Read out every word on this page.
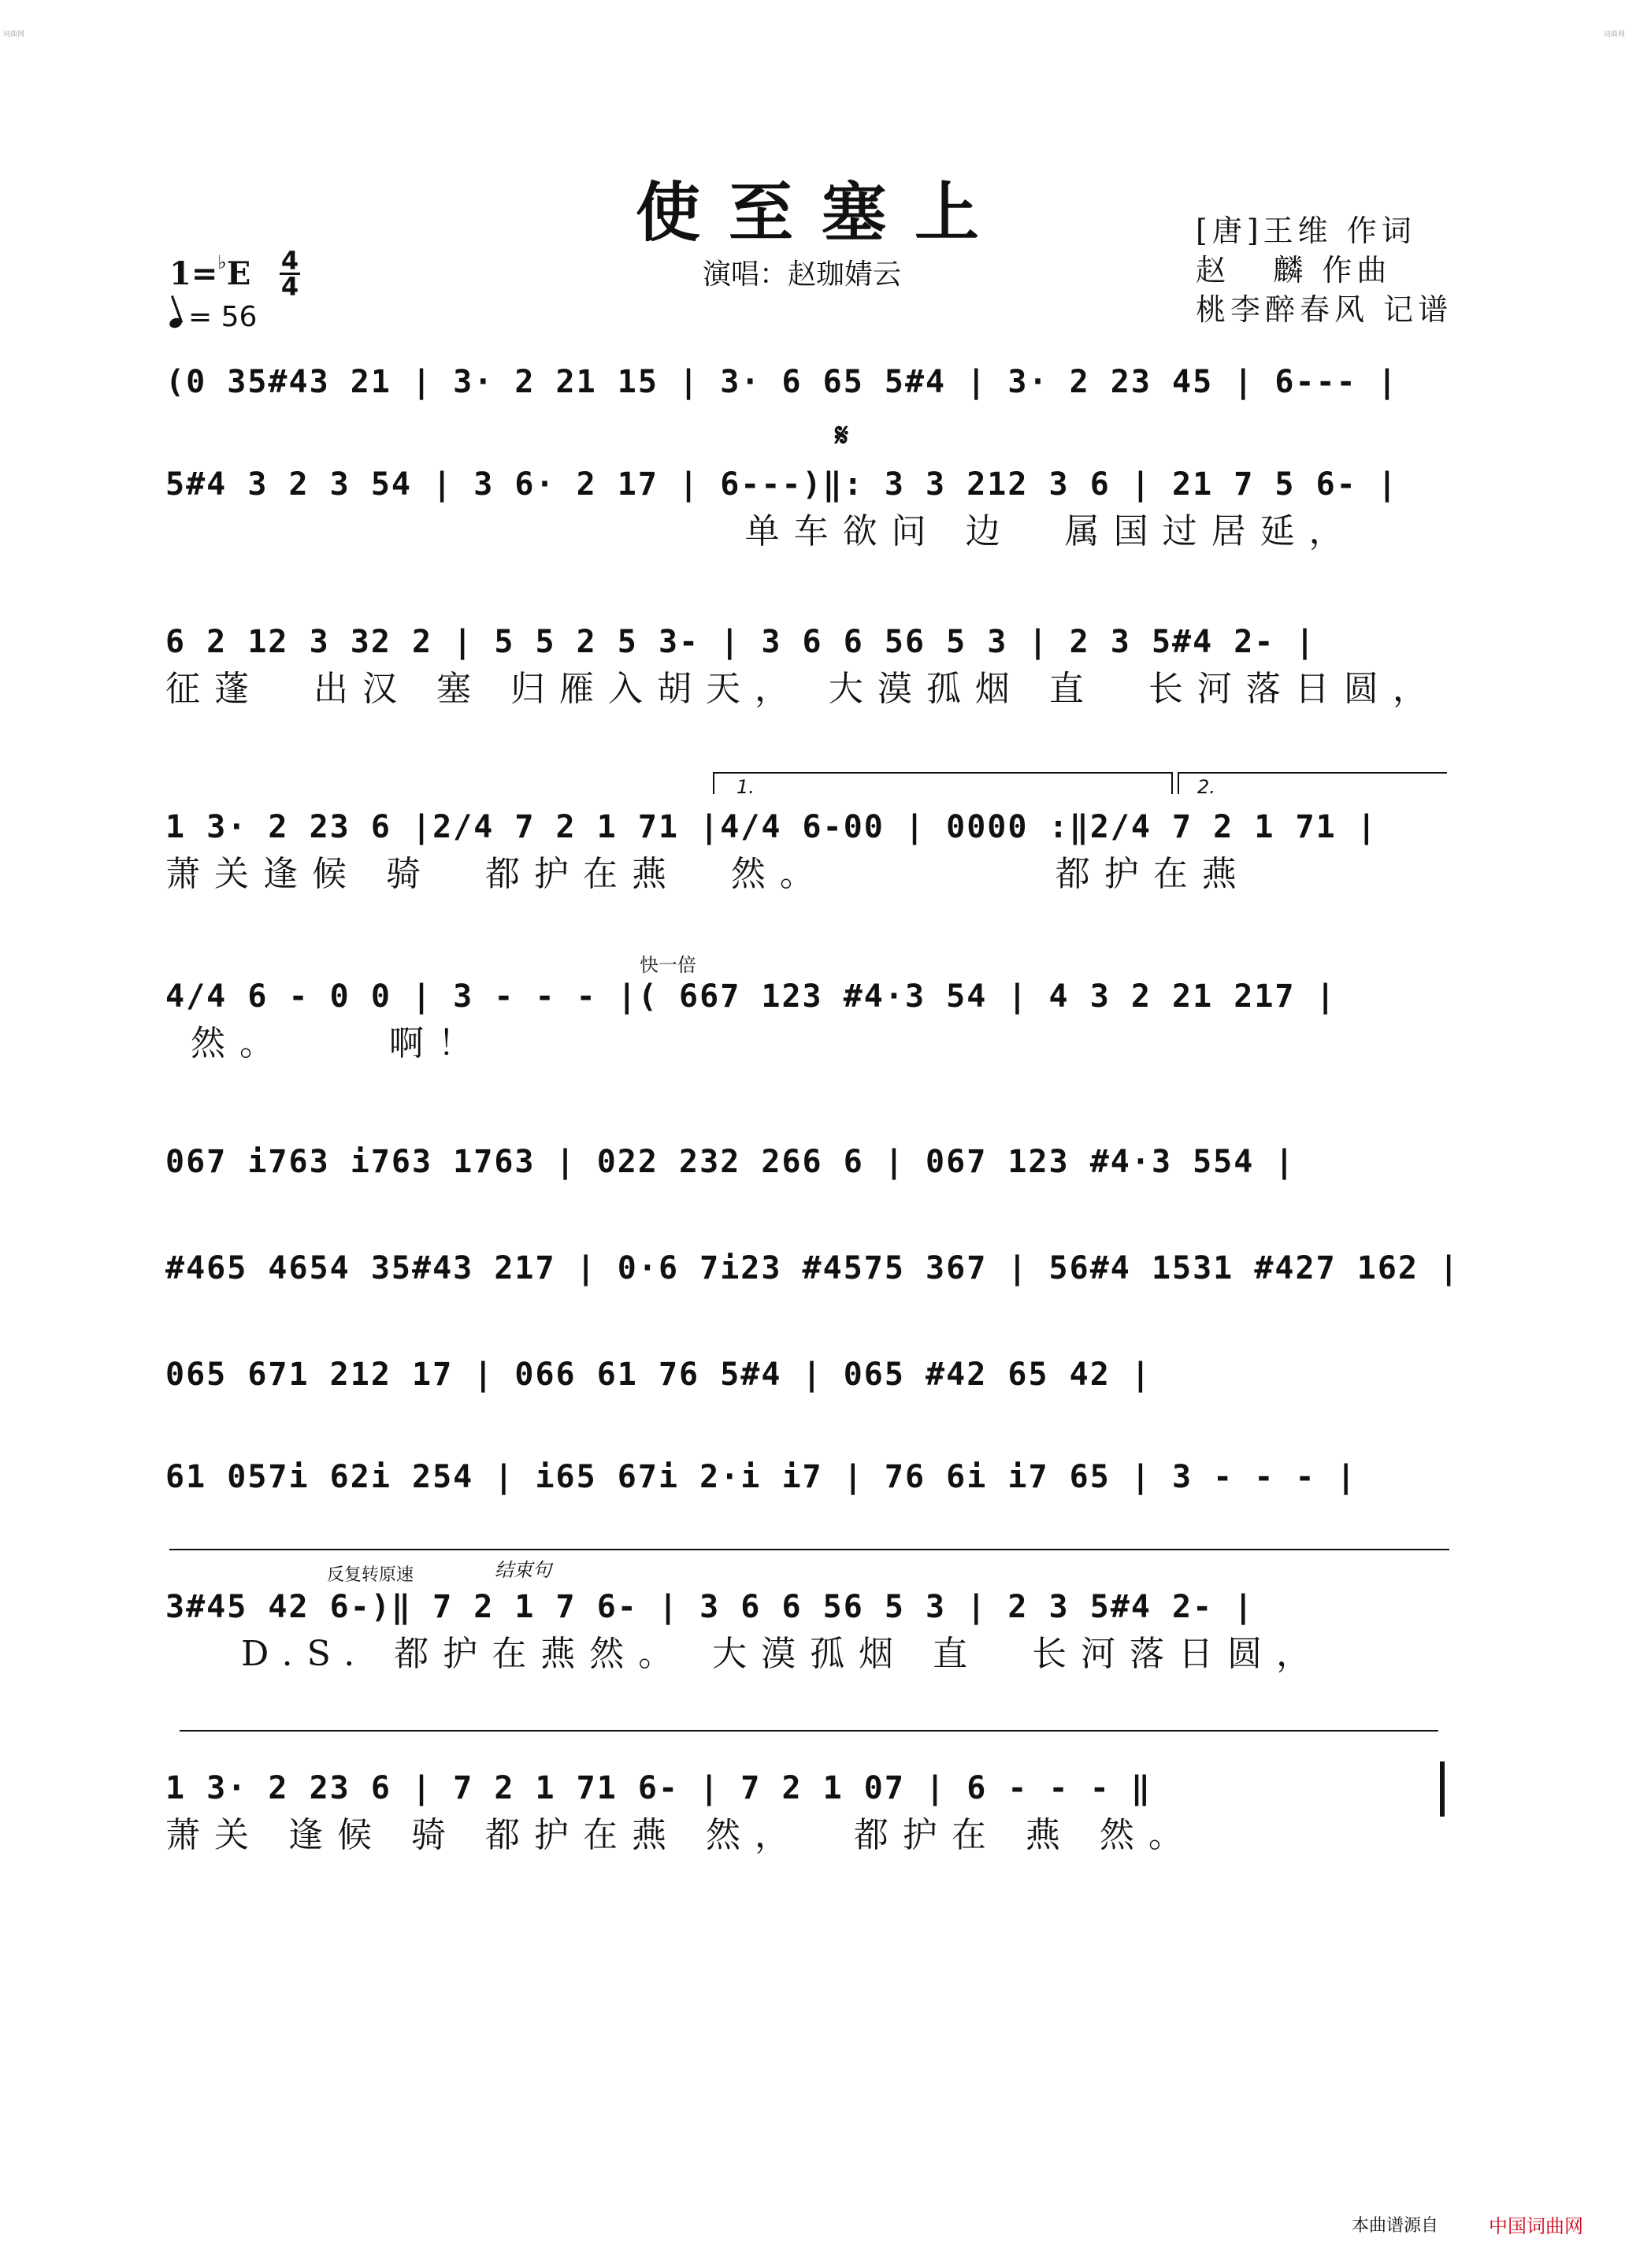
词曲网	词曲网
使至塞上
1=♭E 4
4
= 56
演唱：赵珈婧云
[唐]王维 作词
赵   麟 作曲
桃李醉春风 记谱
(0 35#43 21 | 3· 2 21 15 | 3· 6 65 5#4 | 3· 2 23 45 | 6--- |
𝄋
5#4 3 2 3 54 | 3 6· 2 17 | 6---)‖: 3 3 212 3 6 | 21 7 5 6- |
单车欲问 边  属国过居延，
6 2 12 3 32 2 | 5 5 2 5 3- | 3 6 6 56 5 3 | 2 3 5#4 2- |
征蓬  出汉 塞 归雁入胡天， 大漠孤烟 直  长河落日圆，
1.	2.
1 3· 2 23 6 |2/4 7 2 1 71 |4/4 6-00 | 0000 :‖2/4 7 2 1 71 |
萧关逢候 骑  都护在燕  然。         都护在燕
快一倍
4/4 6 - 0 0 | 3 - - - |( 667 123 #4·3 54 | 4 3 2 21 217 |
然。    啊！
067 i763 i763 1763 | 022 232 266 6 | 067 123 #4·3 554 |
#465 4654 35#43 217 | 0·6 7i23 #4575 367 | 56#4 1531 #427 162 |
065 671 212 17 | 066 61 76 5#4 | 065 #42 65 42 |
61 057i 62i 254 | i65 67i 2·i i7 | 76 6i i7 65 | 3 - - - |
反复转原速	结束句
3#45 42 6-)‖ 7 2 1 7 6- | 3 6 6 56 5 3 | 2 3 5#4 2- |
D.S. 都护在燕然。 大漠孤烟 直  长河落日圆，
1 3· 2 23 6 | 7 2 1 71 6- | 7 2 1 07 | 6 - - - ‖
萧关 逢候 骑 都护在燕 然，  都护在 燕 然。
本曲谱源自	中国词曲网
